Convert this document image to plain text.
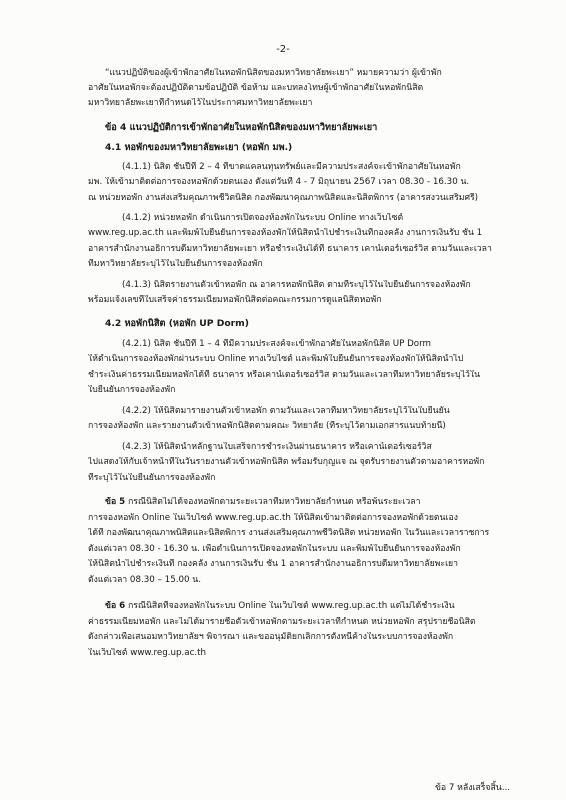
-2-
“แนวปฏิบัติของผู้เข้าพักอาศัยในหอพักนิสิตของมหาวิทยาลัยพะเยา” หมายความว่า ผู้เข้าพัก
อาศัยในหอพักจะต้องปฏิบัติตามข้อปฏิบัติ ข้อห้าม และบทลงโทษผู้เข้าพักอาศัยในหอพักนิสิต
มหาวิทยาลัยพะเยาที่กำหนดไว้ในประกาศมหาวิทยาลัยพะเยา
ข้อ 4 แนวปฏิบัติการเข้าพักอาศัยในหอพักนิสิตของมหาวิทยาลัยพะเยา
4.1 หอพักของมหาวิทยาลัยพะเยา (หอพัก มพ.)
(4.1.1) นิสิต ชั้นปีที่ 2 – 4 ที่ขาดแคลนทุนทรัพย์และมีความประสงค์จะเข้าพักอาศัยในหอพัก
มพ. ให้เข้ามาติดต่อการจองหอพักด้วยตนเอง ตั้งแต่วันที่ 4 - 7 มิถุนายน 2567 เวลา 08.30 - 16.30 น.
ณ หน่วยหอพัก งานส่งเสริมคุณภาพชีวิตนิสิต กองพัฒนาคุณภาพนิสิตและนิสิตพิการ (อาคารสงวนเสริมศรี)
(4.1.2) หน่วยหอพัก ดำเนินการเปิดจองห้องพักในระบบ Online ทางเว็บไซต์
www.reg.up.ac.th และพิมพ์ใบยืนยันการจองห้องพักให้นิสิตนำไปชำระเงินที่กองคลัง งานการเงินรับ ชั้น 1
อาคารสำนักงานอธิการบดีมหาวิทยาลัยพะเยา หรือชำระเงินได้ที่ ธนาคาร เคาน์เตอร์เซอร์วิส ตามวันและเวลา
ที่มหาวิทยาลัยระบุไว้ในใบยืนยันการจองห้องพัก
(4.1.3) นิสิตรายงานตัวเข้าหอพัก ณ อาคารหอพักนิสิต ตามที่ระบุไว้ในใบยืนยันการจองห้องพัก
พร้อมแจ้งเลขที่ใบเสร็จค่าธรรมเนียมหอพักนิสิตต่อคณะกรรมการดูแลนิสิตหอพัก
4.2 หอพักนิสิต (หอพัก UP Dorm)
(4.2.1) นิสิต ชั้นปีที่ 1 – 4 ที่มีความประสงค์จะเข้าพักอาศัยในหอพักนิสิต UP Dorm
ให้ดำเนินการจองห้องพักผ่านระบบ Online ทางเว็บไซต์ และพิมพ์ใบยืนยันการจองห้องพักให้นิสิตนำไป
ชำระเงินค่าธรรมเนียมหอพักได้ที่ ธนาคาร หรือเคาน์เตอร์เซอร์วิส ตามวันและเวลาที่มหาวิทยาลัยระบุไว้ใน
ใบยืนยันการจองห้องพัก
(4.2.2) ให้นิสิตมารายงานตัวเข้าหอพัก ตามวันและเวลาที่มหาวิทยาลัยระบุไว้ในใบยืนยัน
การจองห้องพัก และรายงานตัวเข้าหอพักนิสิตตามคณะ วิทยาลัย (ที่ระบุไว้ตามเอกสารแนบท้ายนี้)
(4.2.3) ให้นิสิตนำหลักฐานใบเสร็จการชำระเงินผ่านธนาคาร หรือเคาน์เตอร์เซอร์วิส
ไปแสดงให้กับเจ้าหน้าที่ในวันรายงานตัวเข้าหอพักนิสิต พร้อมรับกุญแจ ณ จุดรับรายงานตัวตามอาคารหอพัก
ที่ระบุไว้ในใบยืนยันการจองห้องพัก
ข้อ 5 กรณีนิสิตไม่ได้จองหอพักตามระยะเวลาที่มหาวิทยาลัยกำหนด หรือพ้นระยะเวลา
การจองหอพัก Online ในเว็บไซต์ www.reg.up.ac.th ให้นิสิตเข้ามาติดต่อการจองหอพักด้วยตนเอง
ได้ที่ กองพัฒนาคุณภาพนิสิตและนิสิตพิการ งานส่งเสริมคุณภาพชีวิตนิสิต หน่วยหอพัก ในวันและเวลาราชการ
ตั้งแต่เวลา 08.30 - 16.30 น. เพื่อดำเนินการเปิดจองหอพักในระบบ และพิมพ์ใบยืนยันการจองห้องพัก
ให้นิสิตนำไปชำระเงินที่ กองคลัง งานการเงินรับ ชั้น 1 อาคารสำนักงานอธิการบดีมหาวิทยาลัยพะเยา
ตั้งแต่เวลา 08.30 – 15.00 น.
ข้อ 6 กรณีนิสิตที่จองหอพักในระบบ Online ในเว็บไซต์ www.reg.up.ac.th แต่ไม่ได้ชำระเงิน
ค่าธรรมเนียมหอพัก และไม่ได้มารายชื่อตัวเข้าหอพักตามระยะเวลาที่กำหนด หน่วยหอพัก สรุปรายชื่อนิสิต
ดังกล่าวเพื่อเสนอมหาวิทยาลัยฯ พิจารณา และขออนุมัติยกเลิกการตั้งหนี้ค้างในระบบการจองห้องพัก
ในเว็บไซต์ www.reg.up.ac.th
ข้อ 7 หลังเสร็จสิ้น...
